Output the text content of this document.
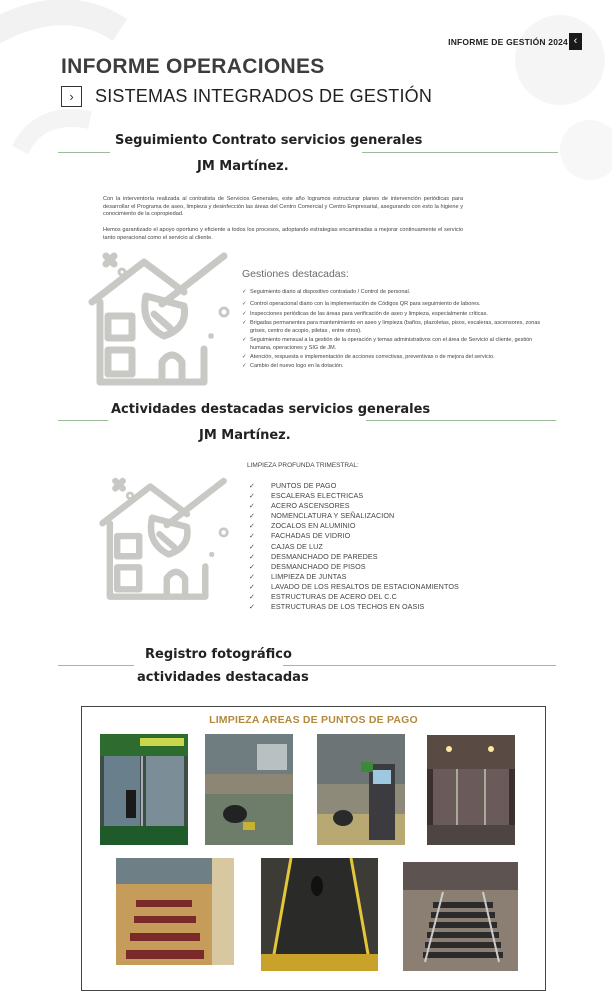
INFORME DE GESTIÓN 2024 ‹
INFORME OPERACIONES
›	SISTEMAS INTEGRADOS DE GESTIÓN
Seguimiento Contrato servicios generales
JM Martínez.

Con la interventoría realizada al contratista de Servicios Generales, este año logramos estructurar planes de intervención periódicas para desarrollar el Programa de aseo, limpieza y desinfección las áreas del Centro Comercial y Centro Empresarial, asegurando con esto la higiene y conocimiento de la copropiedad.

Hemos garantizado el apoyo oportuno y eficiente a todos los procesos, adoptando estrategias encaminadas a mejorar continuamente el servicio tanto operacional como el servicio al cliente.

Gestiones destacadas:
✓ Seguimiento diario al dispositivo contratado / Control de personal.
✓ Control operacional diario con la implementación de Códigos QR para seguimiento de labores.
✓ Inspecciones periódicas de las áreas para verificación de aseo y limpieza, especialmente críticas.
✓ Brigadas permanentes para mantenimiento en aseo y limpieza (baños, plazoletas, pisos, escaleras, ascensores, zonas grises, centro de acopio, piletas , entre otros).
✓ Seguimiento mensual a la gestión de la operación y temas administrativos con el área de Servicio al cliente, gestión humana, operaciones y SIG de JM.
✓ Atención, respuesta e implementación de acciones correctivas, preventivas o de mejora del servicio.
✓ Cambio del nuevo logo en la dotación.
Actividades destacadas servicios generales
JM Martínez.
LIMPIEZA PROFUNDA TRIMESTRAL:
✓ PUNTOS DE PAGO
✓ ESCALERAS ELECTRICAS
✓ ACERO ASCENSORES
✓ NOMENCLATURA Y SEÑALIZACION
✓ ZOCALOS EN ALUMINIO
✓ FACHADAS DE VIDRIO
✓ CAJAS DE LUZ
✓ DESMANCHADO DE PAREDES
✓ DESMANCHADO DE PISOS
✓ LIMPIEZA DE JUNTAS
✓ LAVADO DE LOS RESALTOS DE ESTACIONAMIENTOS
✓ ESTRUCTURAS DE ACERO DEL C.C
✓ ESTRUCTURAS DE LOS TECHOS EN OASIS
Registro fotográfico
actividades destacadas
LIMPIEZA AREAS DE PUNTOS DE PAGO
